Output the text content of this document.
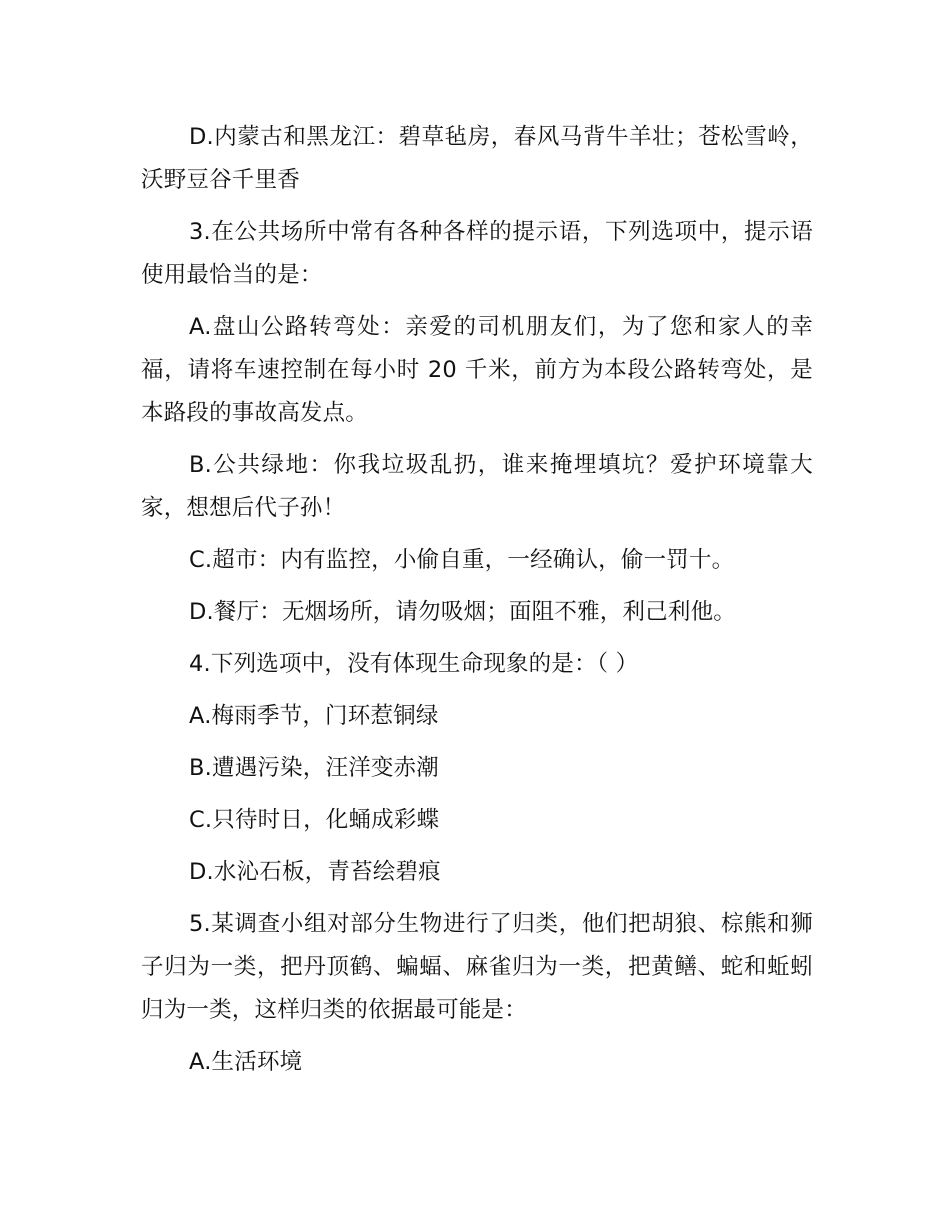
D.内蒙古和黑龙江：碧草毡房，春风马背牛羊壮；苍松雪岭，沃野豆谷千里香

3.在公共场所中常有各种各样的提示语，下列选项中，提示语使用最恰当的是：

A.盘山公路转弯处：亲爱的司机朋友们，为了您和家人的幸福，请将车速控制在每小时 20 千米，前方为本段公路转弯处，是本路段的事故高发点。

B.公共绿地：你我垃圾乱扔，谁来掩埋填坑？爱护环境靠大家，想想后代子孙！

C.超市：内有监控，小偷自重，一经确认，偷一罚十。

D.餐厅：无烟场所，请勿吸烟；面阻不雅，利己利他。

4.下列选项中，没有体现生命现象的是：（ ）

A.梅雨季节，门环惹铜绿

B.遭遇污染，汪洋变赤潮

C.只待时日，化蛹成彩蝶

D.水沁石板，青苔绘碧痕

5.某调查小组对部分生物进行了归类，他们把胡狼、棕熊和狮子归为一类，把丹顶鹤、蝙蝠、麻雀归为一类，把黄鳝、蛇和蚯蚓归为一类，这样归类的依据最可能是：

A.生活环境
